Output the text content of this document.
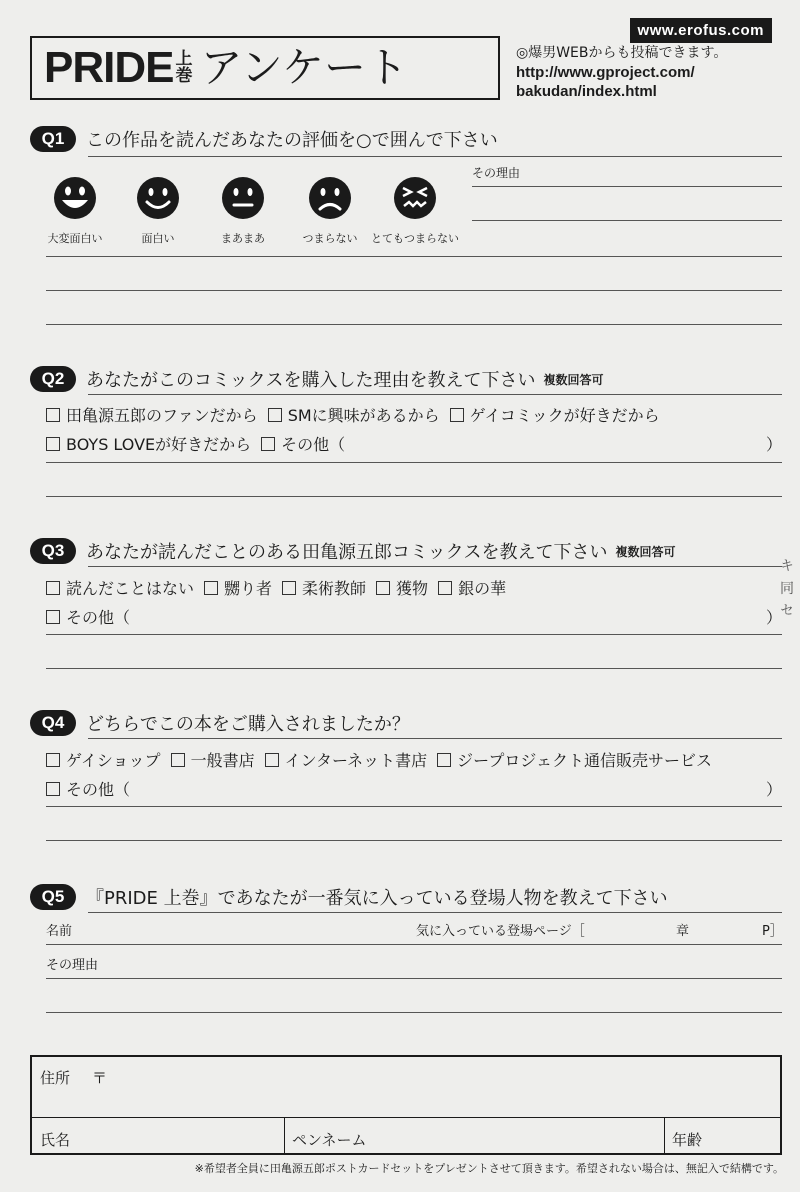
www.erofus.com
PRIDE 上
巻 アンケート	◎爆男WEBからも投稿できます。
http://www.gproject.com/
bakudan/index.html
Q1	この作品を読んだあなたの評価を○で囲んで下さい
大変面白い	面白い	まあまあ	つまらない	とてもつまらない
その理由
Q2	あなたがこのコミックスを購入した理由を教えて下さい 複数回答可
田亀源五郎のファンだから SMに興味があるから ゲイコミックが好きだから
BOYS LOVEが好きだから その他（	）
Q3	あなたが読んだことのある田亀源五郎コミックスを教えて下さい 複数回答可
読んだことはない 嬲り者 柔術教師 獲物 銀の華
その他（	）
Q4	どちらでこの本をご購入されましたか？
ゲイショップ 一般書店 インターネット書店 ジープロジェクト通信販売サービス
その他（	）
Q5	『PRIDE 上巻』であなたが一番気に入っている登場人物を教えて下さい
名前	気に入っている登場ページ［	章	P］
その理由
住所 〒
氏名	ペンネーム	年齢
※希望者全員に田亀源五郎ポストカードセットをプレゼントさせて頂きます。希望されない場合は、無記入で結構です。
キ 同 セ
